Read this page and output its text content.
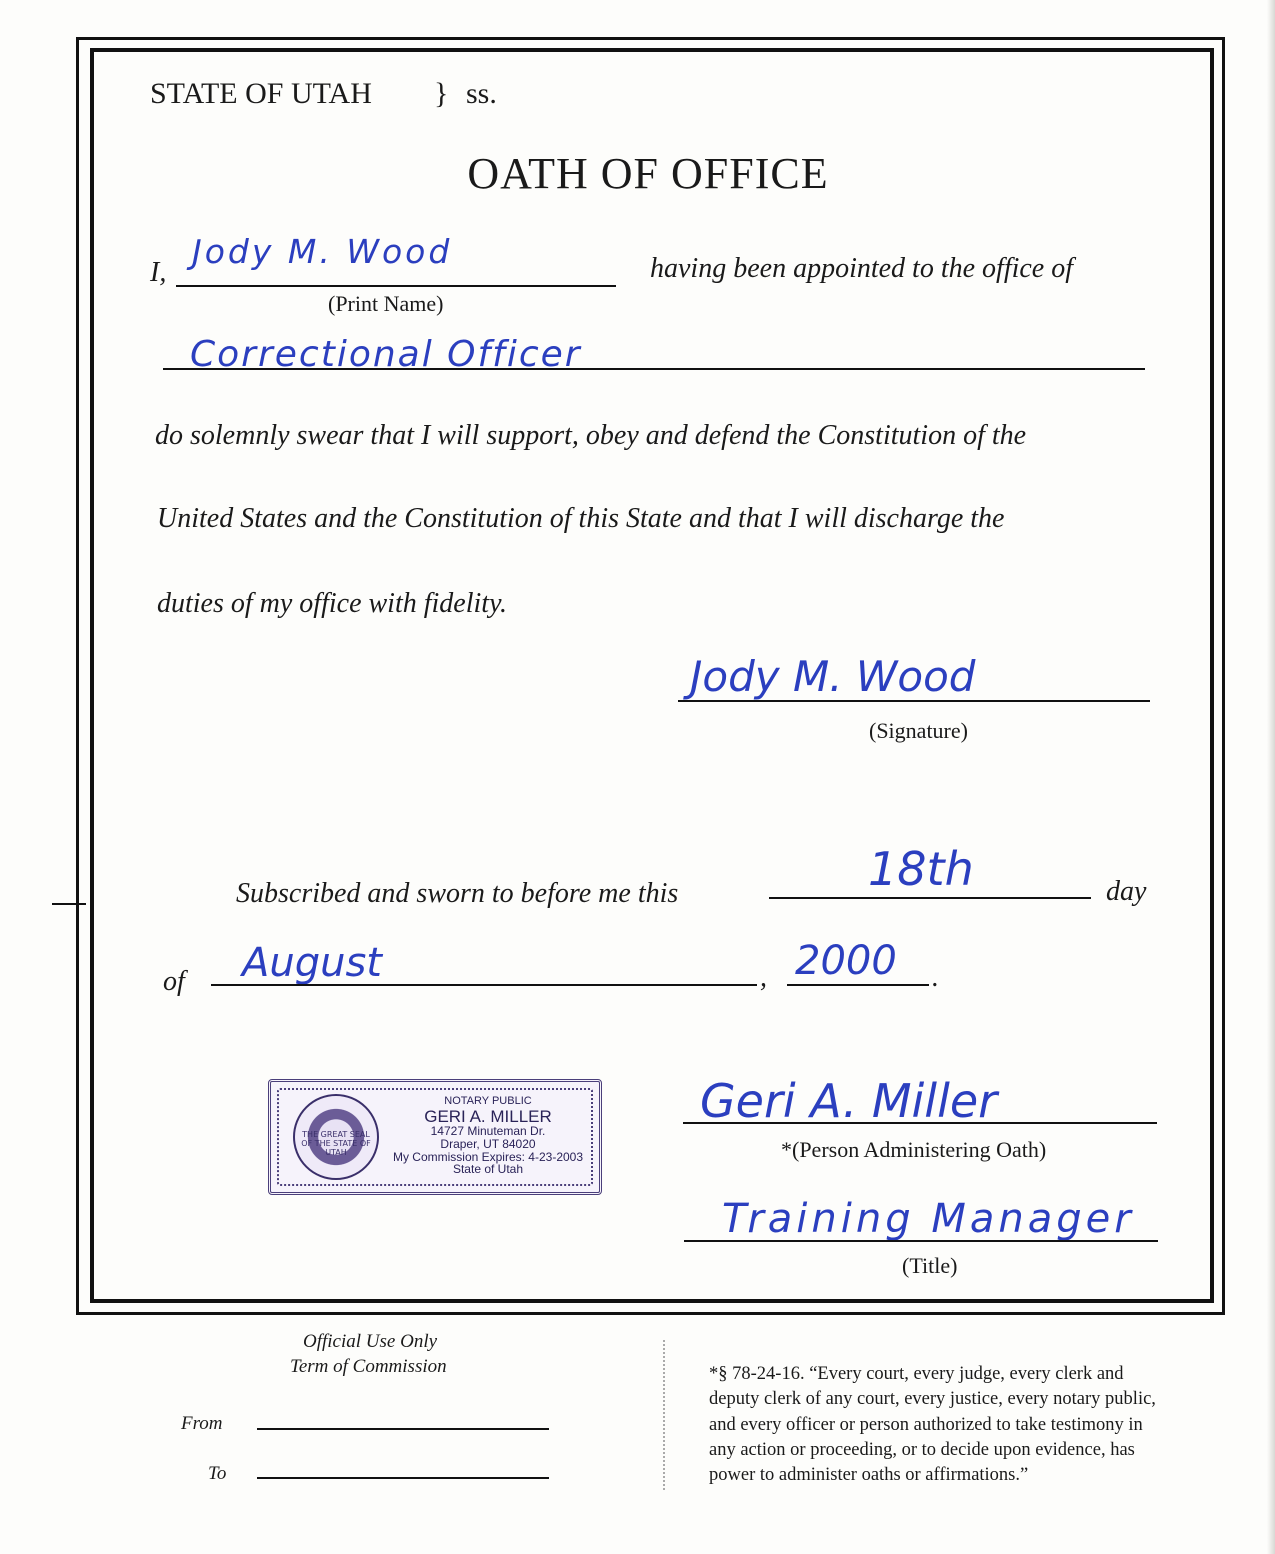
STATE OF UTAH } ss.
OATH OF OFFICE
I,
Jody M. Wood
(Print Name)
having been appointed to the office of
Correctional Officer
do solemnly swear that I will support, obey and defend the Constitution of the
United States and the Constitution of this State and that I will discharge the
duties of my office with fidelity.
Jody M. Wood
(Signature)
Subscribed and sworn to before me this	18th	day
of August	, 2000 .
THE GREAT SEAL OF THE STATE OF UTAH
NOTARY PUBLIC
GERI A. MILLER
14727 Minuteman Dr.
Draper, UT 84020
My Commission Expires: 4-23-2003
State of Utah
Geri A. Miller
*(Person Administering Oath)
Training Manager
(Title)
Official Use Only
Term of Commission
From
To
*§ 78-24-16. “Every court, every judge, every clerk and
deputy clerk of any court, every justice, every notary public,
and every officer or person authorized to take testimony in
any action or proceeding, or to decide upon evidence, has
power to administer oaths or affirmations.”
